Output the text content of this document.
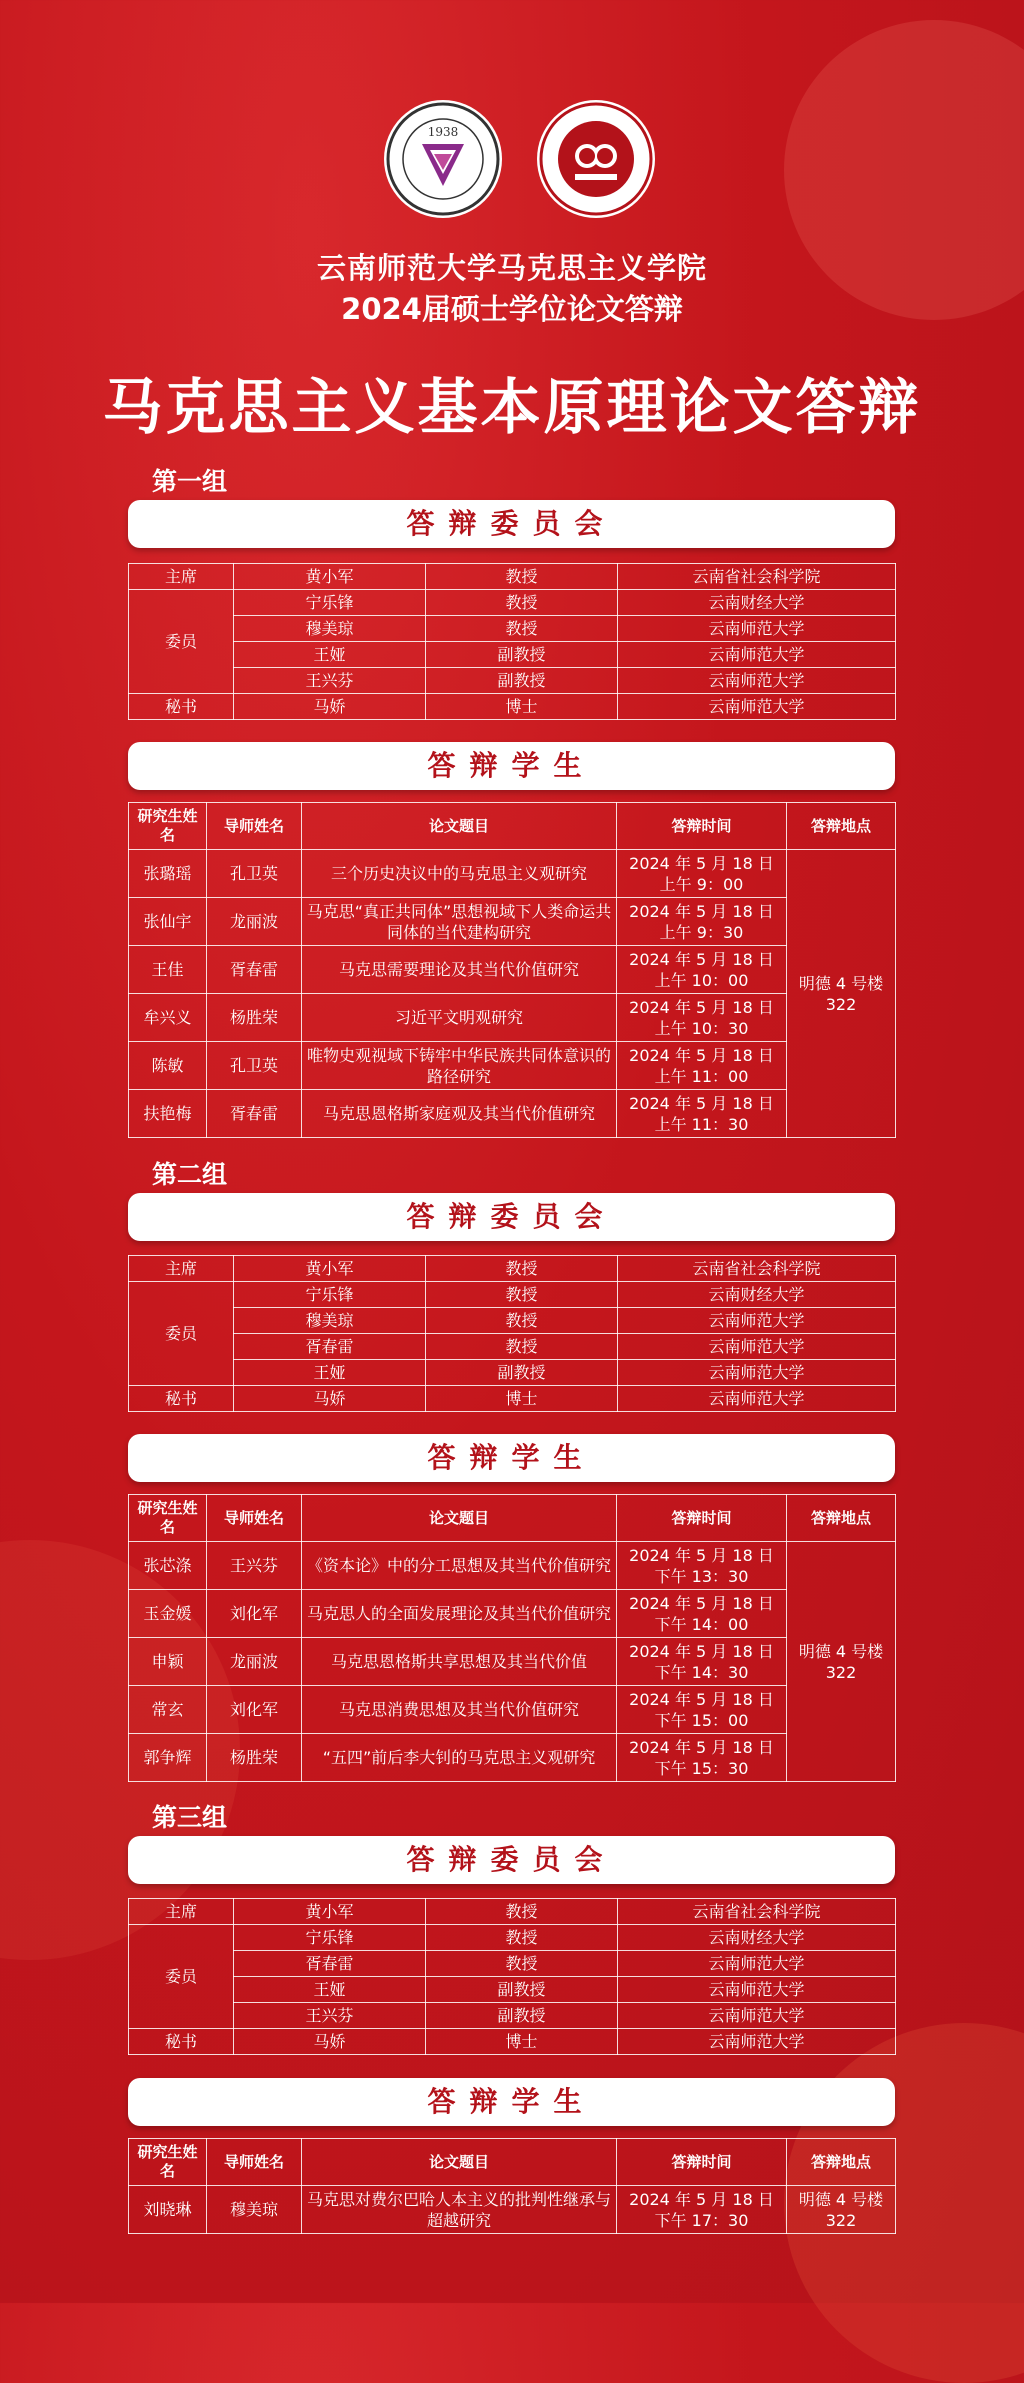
1938
云南师范大学马克思主义学院
2024届硕士学位论文答辩
马克思主义基本原理论文答辩
第一组
答辩委员会
主席	黄小军	教授	云南省社会科学院
委员	宁乐锋	教授	云南财经大学
	穆美琼	教授	云南师范大学
	王娅	副教授	云南师范大学
	王兴芬	副教授	云南师范大学
秘书	马娇	博士	云南师范大学
答辩学生
研究生姓名	导师姓名	论文题目	答辩时间	答辩地点
张璐瑶	孔卫英	三个历史决议中的马克思主义观研究	2024 年 5 月 18 日 上午 9：00	明德 4 号楼 322
张仙宇	龙丽波	马克思“真正共同体”思想视域下人类命运共同体的当代建构研究	2024 年 5 月 18 日 上午 9：30	
王佳	胥春雷	马克思需要理论及其当代价值研究	2024 年 5 月 18 日 上午 10：00	
牟兴义	杨胜荣	习近平文明观研究	2024 年 5 月 18 日 上午 10：30	
陈敏	孔卫英	唯物史观视域下铸牢中华民族共同体意识的路径研究	2024 年 5 月 18 日 上午 11：00	
扶艳梅	胥春雷	马克思恩格斯家庭观及其当代价值研究	2024 年 5 月 18 日 上午 11：30	
第二组
答辩委员会
主席	黄小军	教授	云南省社会科学院
委员	宁乐锋	教授	云南财经大学
	穆美琼	教授	云南师范大学
	胥春雷	教授	云南师范大学
	王娅	副教授	云南师范大学
秘书	马娇	博士	云南师范大学
答辩学生
研究生姓名	导师姓名	论文题目	答辩时间	答辩地点
张芯涤	王兴芬	《资本论》中的分工思想及其当代价值研究	2024 年 5 月 18 日 下午 13：30	明德 4 号楼 322
玉金媛	刘化军	马克思人的全面发展理论及其当代价值研究	2024 年 5 月 18 日 下午 14：00	
申颖	龙丽波	马克思恩格斯共享思想及其当代价值	2024 年 5 月 18 日 下午 14：30	
常玄	刘化军	马克思消费思想及其当代价值研究	2024 年 5 月 18 日 下午 15：00	
郭争辉	杨胜荣	“五四”前后李大钊的马克思主义观研究	2024 年 5 月 18 日 下午 15：30	
第三组
答辩委员会
主席	黄小军	教授	云南省社会科学院
委员	宁乐锋	教授	云南财经大学
	胥春雷	教授	云南师范大学
	王娅	副教授	云南师范大学
	王兴芬	副教授	云南师范大学
秘书	马娇	博士	云南师范大学
答辩学生
研究生姓名	导师姓名	论文题目	答辩时间	答辩地点
刘晓琳	穆美琼	马克思对费尔巴哈人本主义的批判性继承与超越研究	2024 年 5 月 18 日 下午 17：30	明德 4 号楼 322
